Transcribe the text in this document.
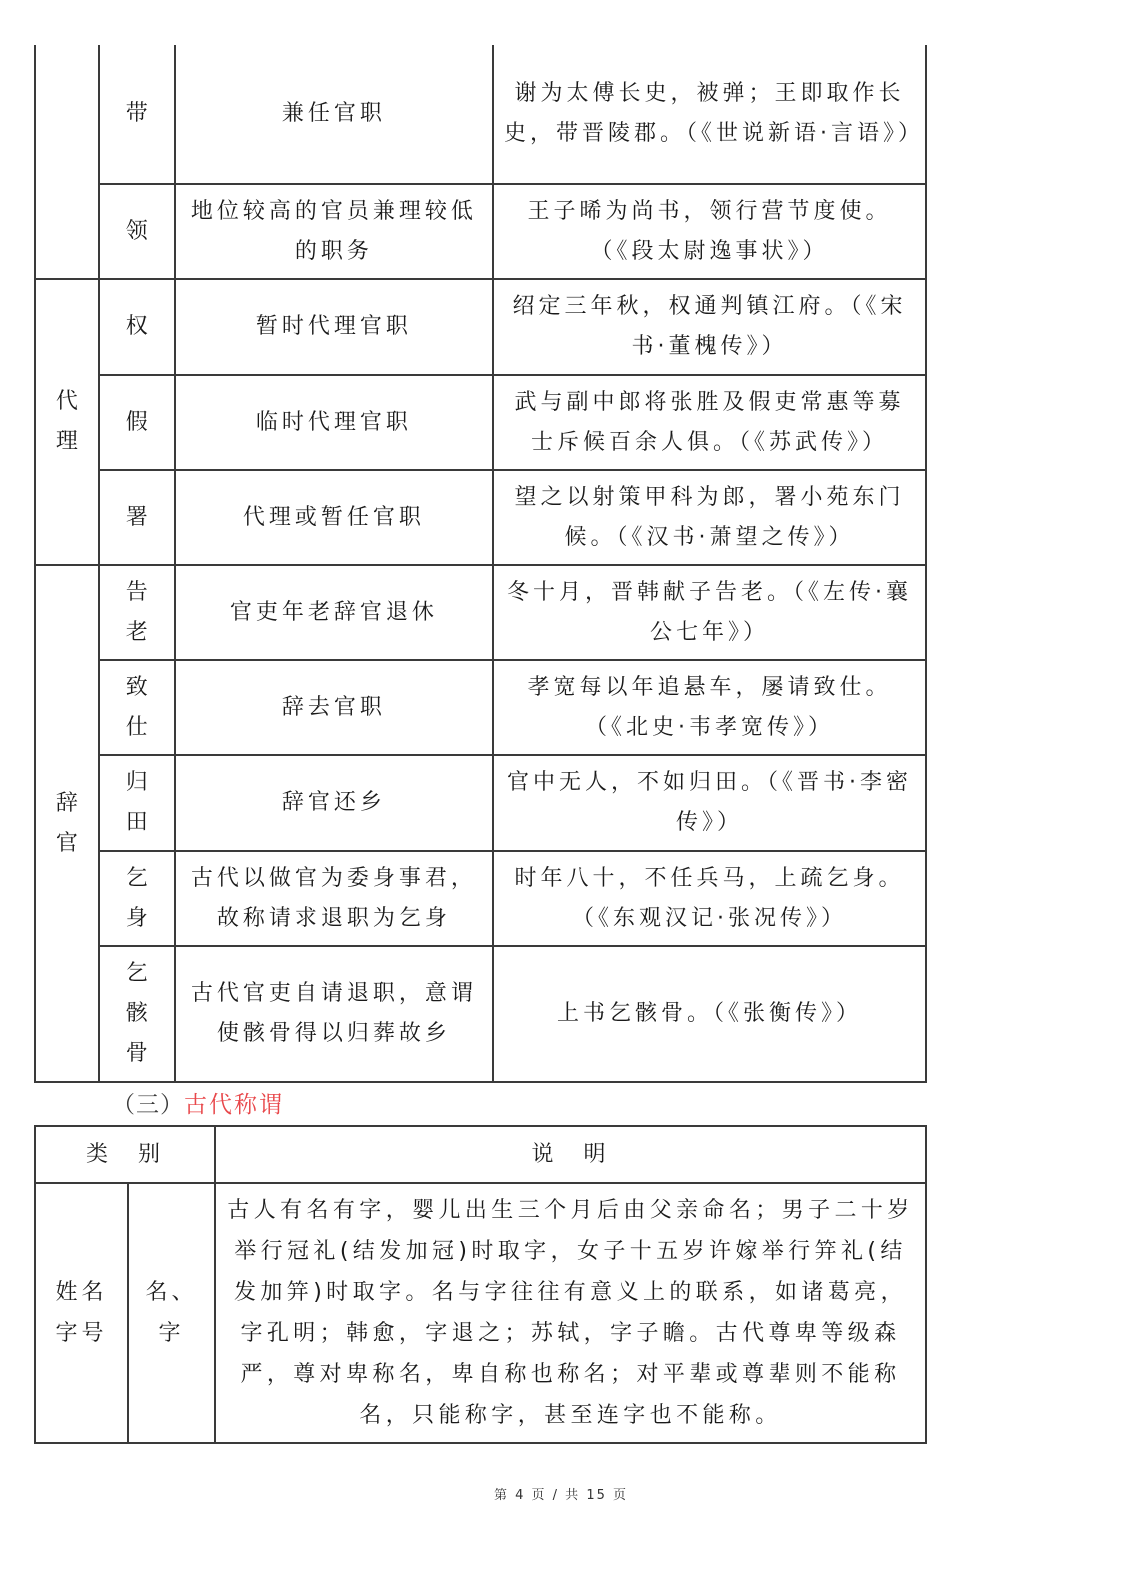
	带	兼任官职	谢为太傅长史，被弹；王即取作长史，带晋陵郡。（《世说新语·言语》）
	领	地位较高的官员兼理较低的职务	王子晞为尚书，领行营节度使。（《段太尉逸事状》）
代理	权	暂时代理官职	绍定三年秋，权通判镇江府。（《宋书·董槐传》）
	假	临时代理官职	武与副中郎将张胜及假吏常惠等募士斥候百余人俱。（《苏武传》）
	署	代理或暂任官职	望之以射策甲科为郎，署小苑东门候。（《汉书·萧望之传》）
辞官	告老	官吏年老辞官退休	冬十月，晋韩献子告老。（《左传·襄公七年》）
	致仕	辞去官职	孝宽每以年追悬车，屡请致仕。（《北史·韦孝宽传》）
	归田	辞官还乡	官中无人，不如归田。（《晋书·李密传》）
	乞身	古代以做官为委身事君，故称请求退职为乞身	时年八十，不任兵马，上疏乞身。（《东观汉记·张况传》）
	乞骸骨	古代官吏自请退职，意谓使骸骨得以归葬故乡	上书乞骸骨。（《张衡传》）
（三）古代称谓
类　别		说　明
姓名字号	名、字	古人有名有字，婴儿出生三个月后由父亲命名；男子二十岁举行冠礼(结发加冠)时取字，女子十五岁许嫁举行笄礼(结发加笄)时取字。名与字往往有意义上的联系，如诸葛亮，字孔明；韩愈，字退之；苏轼，字子瞻。古代尊卑等级森严，尊对卑称名，卑自称也称名；对平辈或尊辈则不能称名，只能称字，甚至连字也不能称。
第 4 页 / 共 15 页
